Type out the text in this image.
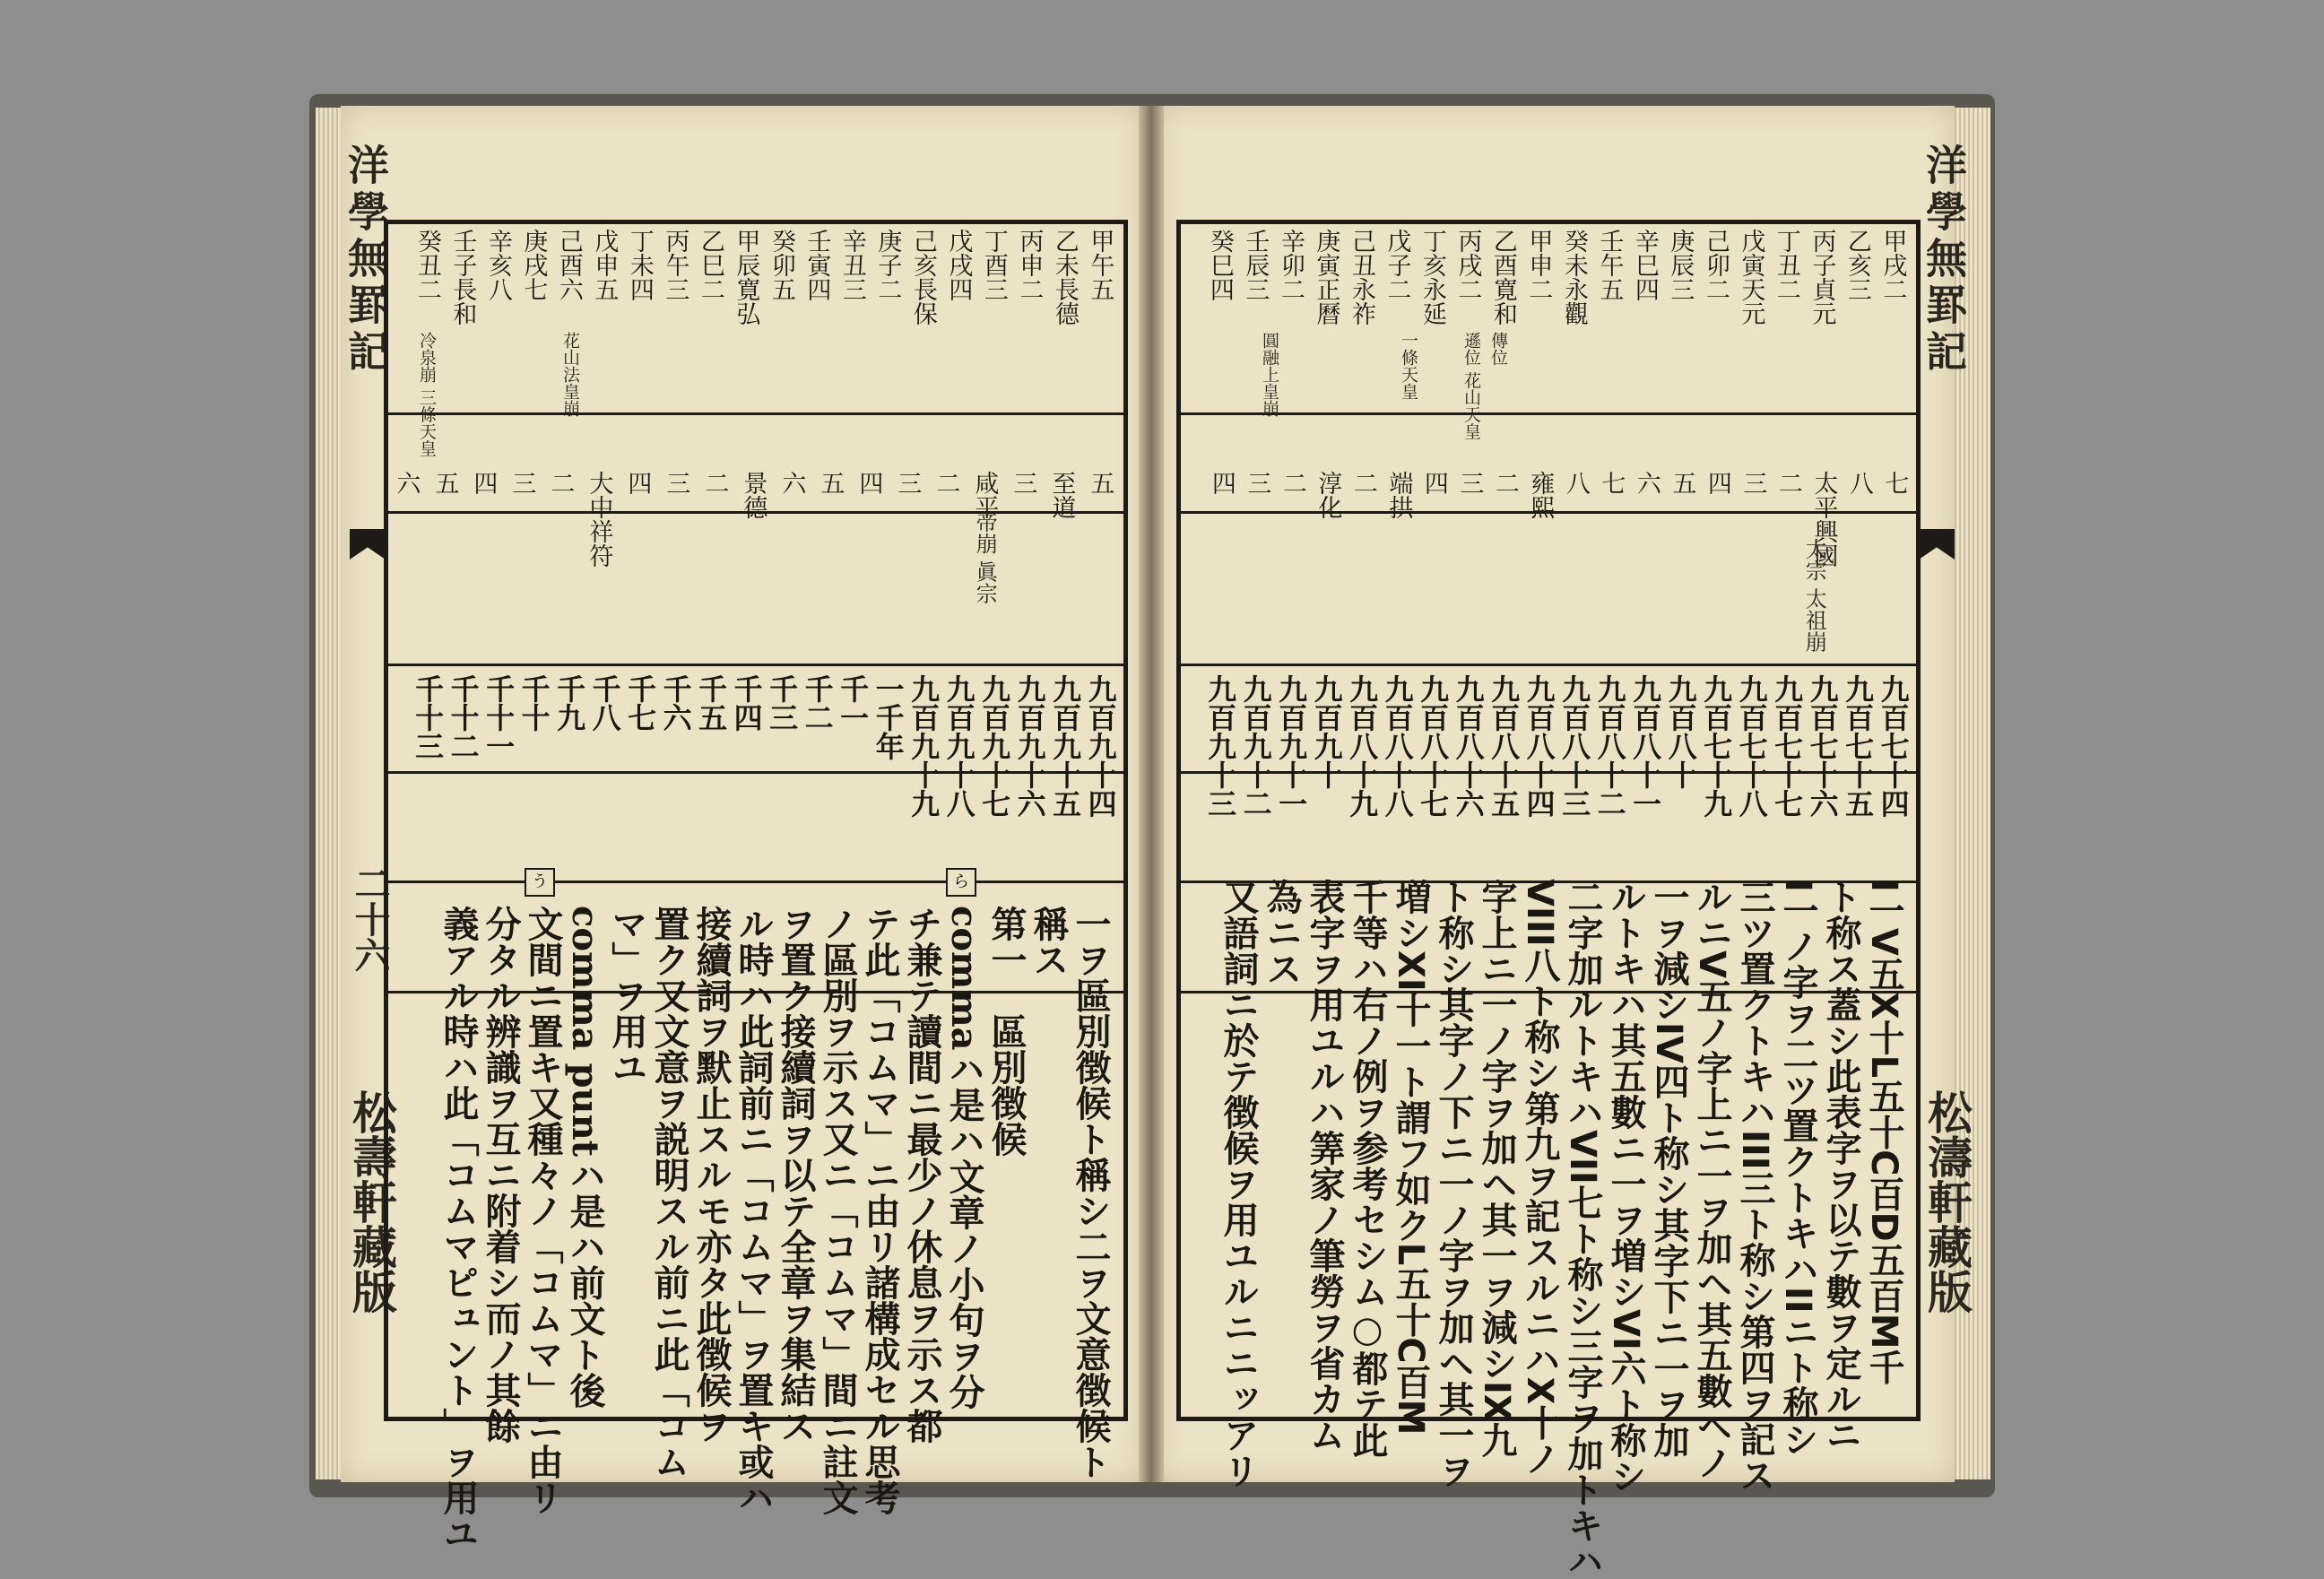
洋學無罫記
二十六
松壽軒藏版
甲午五
乙未長德
丙申二
丁酉三
戊戌四
己亥長保
庚子二
辛丑三
壬寅四
癸卯五
甲辰寛弘
乙巳二
丙午三
丁未四
戊申五
己酉六
庚戌七
辛亥八
壬子長和
癸丑二
五
至道
三
咸平
二
三
四
五
六
景德
二
三
四
大中祥符
二
三
四
五
六
九百九十四
九百九十五
九百九十六
九百九十七
九百九十八
九百九十九
一千年
千一
千二
千三
千四
千五
千六
千七
千八
千九
千十
千十一
千十二
千十三
一ヲ區別徴候ト稱シ二ヲ文意徴候ト
稱ス
第一　區別徴候
commaハ是ハ文章ノ小句ヲ分
チ兼テ讀間ニ最少ノ休息ヲ示ス都
テ此「コムマ」ニ由リ諸構成セル思考
ノ區別ヲ示ス又ニ「コムマ」間ニ註文
ヲ置ク接續詞ヲ以テ全章ヲ集結ス
ル時ハ此詞前ニ「コムマ」ヲ置キ或ハ
接續詞ヲ默止スルモ亦タ此徴候ヲ
置ク又文意ヲ説明スル前ニ此「コム
マ」ヲ用ユ
comma puntハ是ハ前文ト後
文間ニ置キ又種々ノ「コムマ」ニ由リ
分タル辨識ヲ互ニ附着シ而ノ其餘
義アル時ハ此「コムマピュント」ヲ用ユ
花山法皇崩
冷泉崩 三條天皇
帝崩 眞宗
ら
う
洋學無罫記
松濤軒藏版
甲戌二
乙亥三
丙子貞元
丁丑二
戊寅天元
己卯二
庚辰三
辛巳四
壬午五
癸未永觀
甲申二
乙酉寛和
丙戌二
丁亥永延
戊子二
己丑永祚
庚寅正曆
辛卯二
壬辰三
癸巳四
七
八
太平興國
二
三
四
五
六
七
八
雍熙
二
三
四
端拱
二
淳化
二
三
四
九百七十四
九百七十五
九百七十六
九百七十七
九百七十八
九百七十九
九百八十
九百八十一
九百八十二
九百八十三
九百八十四
九百八十五
九百八十六
九百八十七
九百八十八
九百八十九
九百九十
九百九十一
九百九十二
九百九十三
I一V五X十L五十C百D五百M千
ト称ス蓋シ此表字ヲ以テ數ヲ定ルニ
I一ノ字ヲ二ツ置クトキハIIニト称シ
三ツ置クトキハIII三ト称シ第四ヲ記ス
ルニV五ノ字上ニ一ヲ加ヘ其五數ヘノ
一ヲ減シIV四ト称シ其字下ニ一ヲ加
ルトキハ其五數ニ一ヲ増シVI六ト称シ
二字加ルトキハVII七ト称シ三字ヲ加トキハ
VIII八ト称シ第九ヲ記スルニハX十ノ
字上ニ一ノ字ヲ加ヘ其一ヲ減シIX九
ト称シ其字ノ下ニ一ノ字ヲ加ヘ其一ヲ
増シXI十一ト謂フ如クL五十C百M
千等ハ右ノ例ヲ参考セシム○都テ此
表字ヲ用ユルハ筭家ノ筆勞ヲ省カム
為ニス
又語詞ニ於テ徴候ヲ用ユルニニッアリ
傳位
遜位 花山天皇
一條天皇
圓融上皇崩
太宗 太祖崩
